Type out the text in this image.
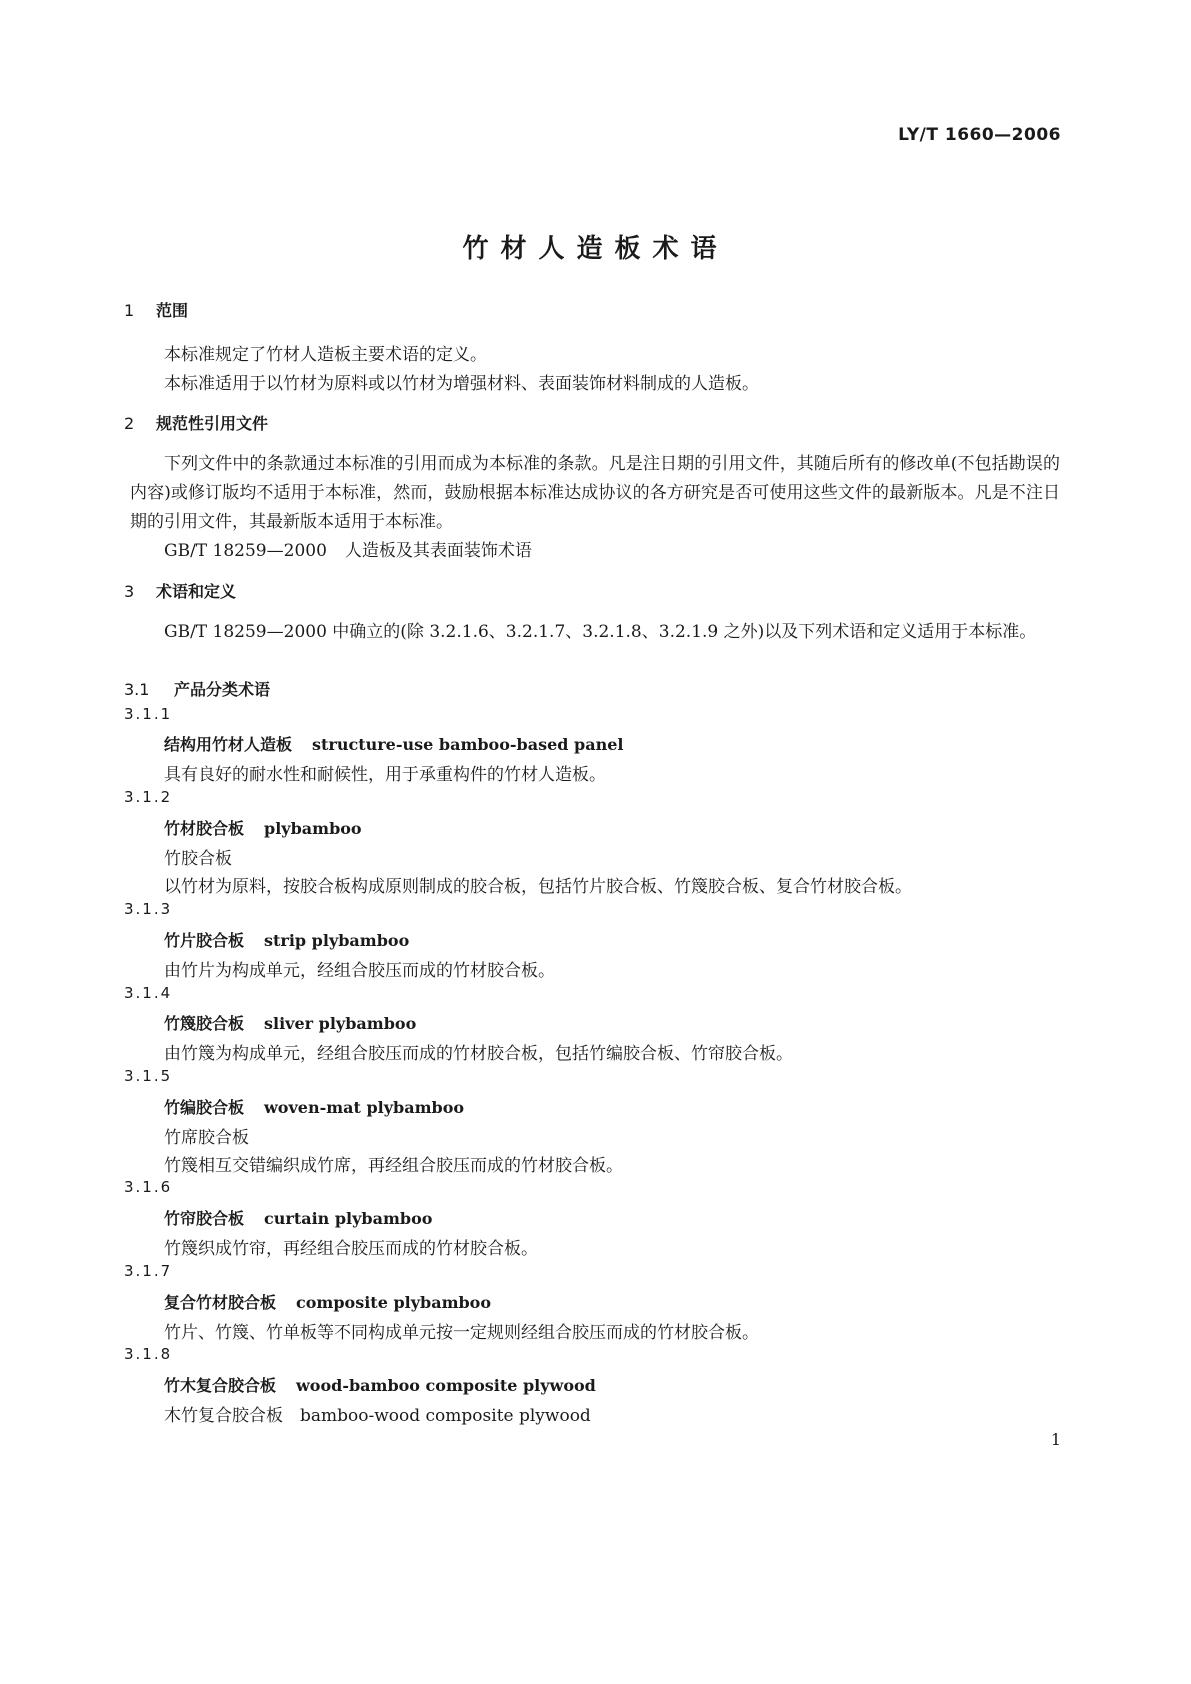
LY/T 1660—2006
竹材人造板术语
1 范围
本标准规定了竹材人造板主要术语的定义。
本标准适用于以竹材为原料或以竹材为增强材料、表面装饰材料制成的人造板。
2 规范性引用文件
下列文件中的条款通过本标准的引用而成为本标准的条款。凡是注日期的引用文件，其随后所有的修改单(不包括勘误的内容)或修订版均不适用于本标准，然而，鼓励根据本标准达成协议的各方研究是否可使用这些文件的最新版本。凡是不注日期的引用文件，其最新版本适用于本标准。
GB/T 18259—2000 人造板及其表面装饰术语
3 术语和定义
GB/T 18259—2000 中确立的(除 3.2.1.6、3.2.1.7、3.2.1.8、3.2.1.9 之外)以及下列术语和定义适用于本标准。
3.1 产品分类术语
3.1.1
结构用竹材人造板 structure-use bamboo-based panel
具有良好的耐水性和耐候性，用于承重构件的竹材人造板。
3.1.2
竹材胶合板 plybamboo
竹胶合板
以竹材为原料，按胶合板构成原则制成的胶合板，包括竹片胶合板、竹篾胶合板、复合竹材胶合板。
3.1.3
竹片胶合板 strip plybamboo
由竹片为构成单元，经组合胶压而成的竹材胶合板。
3.1.4
竹篾胶合板 sliver plybamboo
由竹篾为构成单元，经组合胶压而成的竹材胶合板，包括竹编胶合板、竹帘胶合板。
3.1.5
竹编胶合板 woven-mat plybamboo
竹席胶合板
竹篾相互交错编织成竹席，再经组合胶压而成的竹材胶合板。
3.1.6
竹帘胶合板 curtain plybamboo
竹篾织成竹帘，再经组合胶压而成的竹材胶合板。
3.1.7
复合竹材胶合板 composite plybamboo
竹片、竹篾、竹单板等不同构成单元按一定规则经组合胶压而成的竹材胶合板。
3.1.8
竹木复合胶合板 wood-bamboo composite plywood
木竹复合胶合板　bamboo-wood composite plywood
1
